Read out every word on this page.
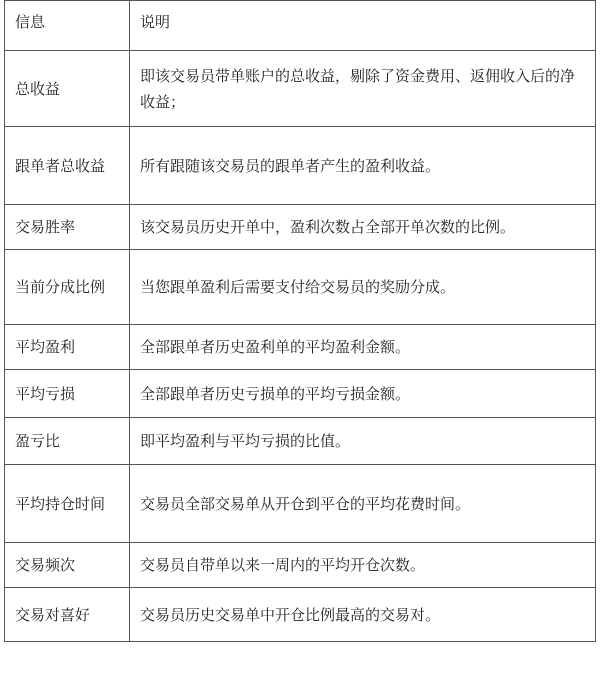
信息	说明
总收益	即该交易员带单账户的总收益，剔除了资金费用、返佣收入后的净收益；
跟单者总收益	所有跟随该交易员的跟单者产生的盈利收益。
交易胜率	该交易员历史开单中，盈利次数占全部开单次数的比例。
当前分成比例	当您跟单盈利后需要支付给交易员的奖励分成。
平均盈利	全部跟单者历史盈利单的平均盈利金额。
平均亏损	全部跟单者历史亏损单的平均亏损金额。
盈亏比	即平均盈利与平均亏损的比值。
平均持仓时间	交易员全部交易单从开仓到平仓的平均花费时间。
交易频次	交易员自带单以来一周内的平均开仓次数。
交易对喜好	交易员历史交易单中开仓比例最高的交易对。
